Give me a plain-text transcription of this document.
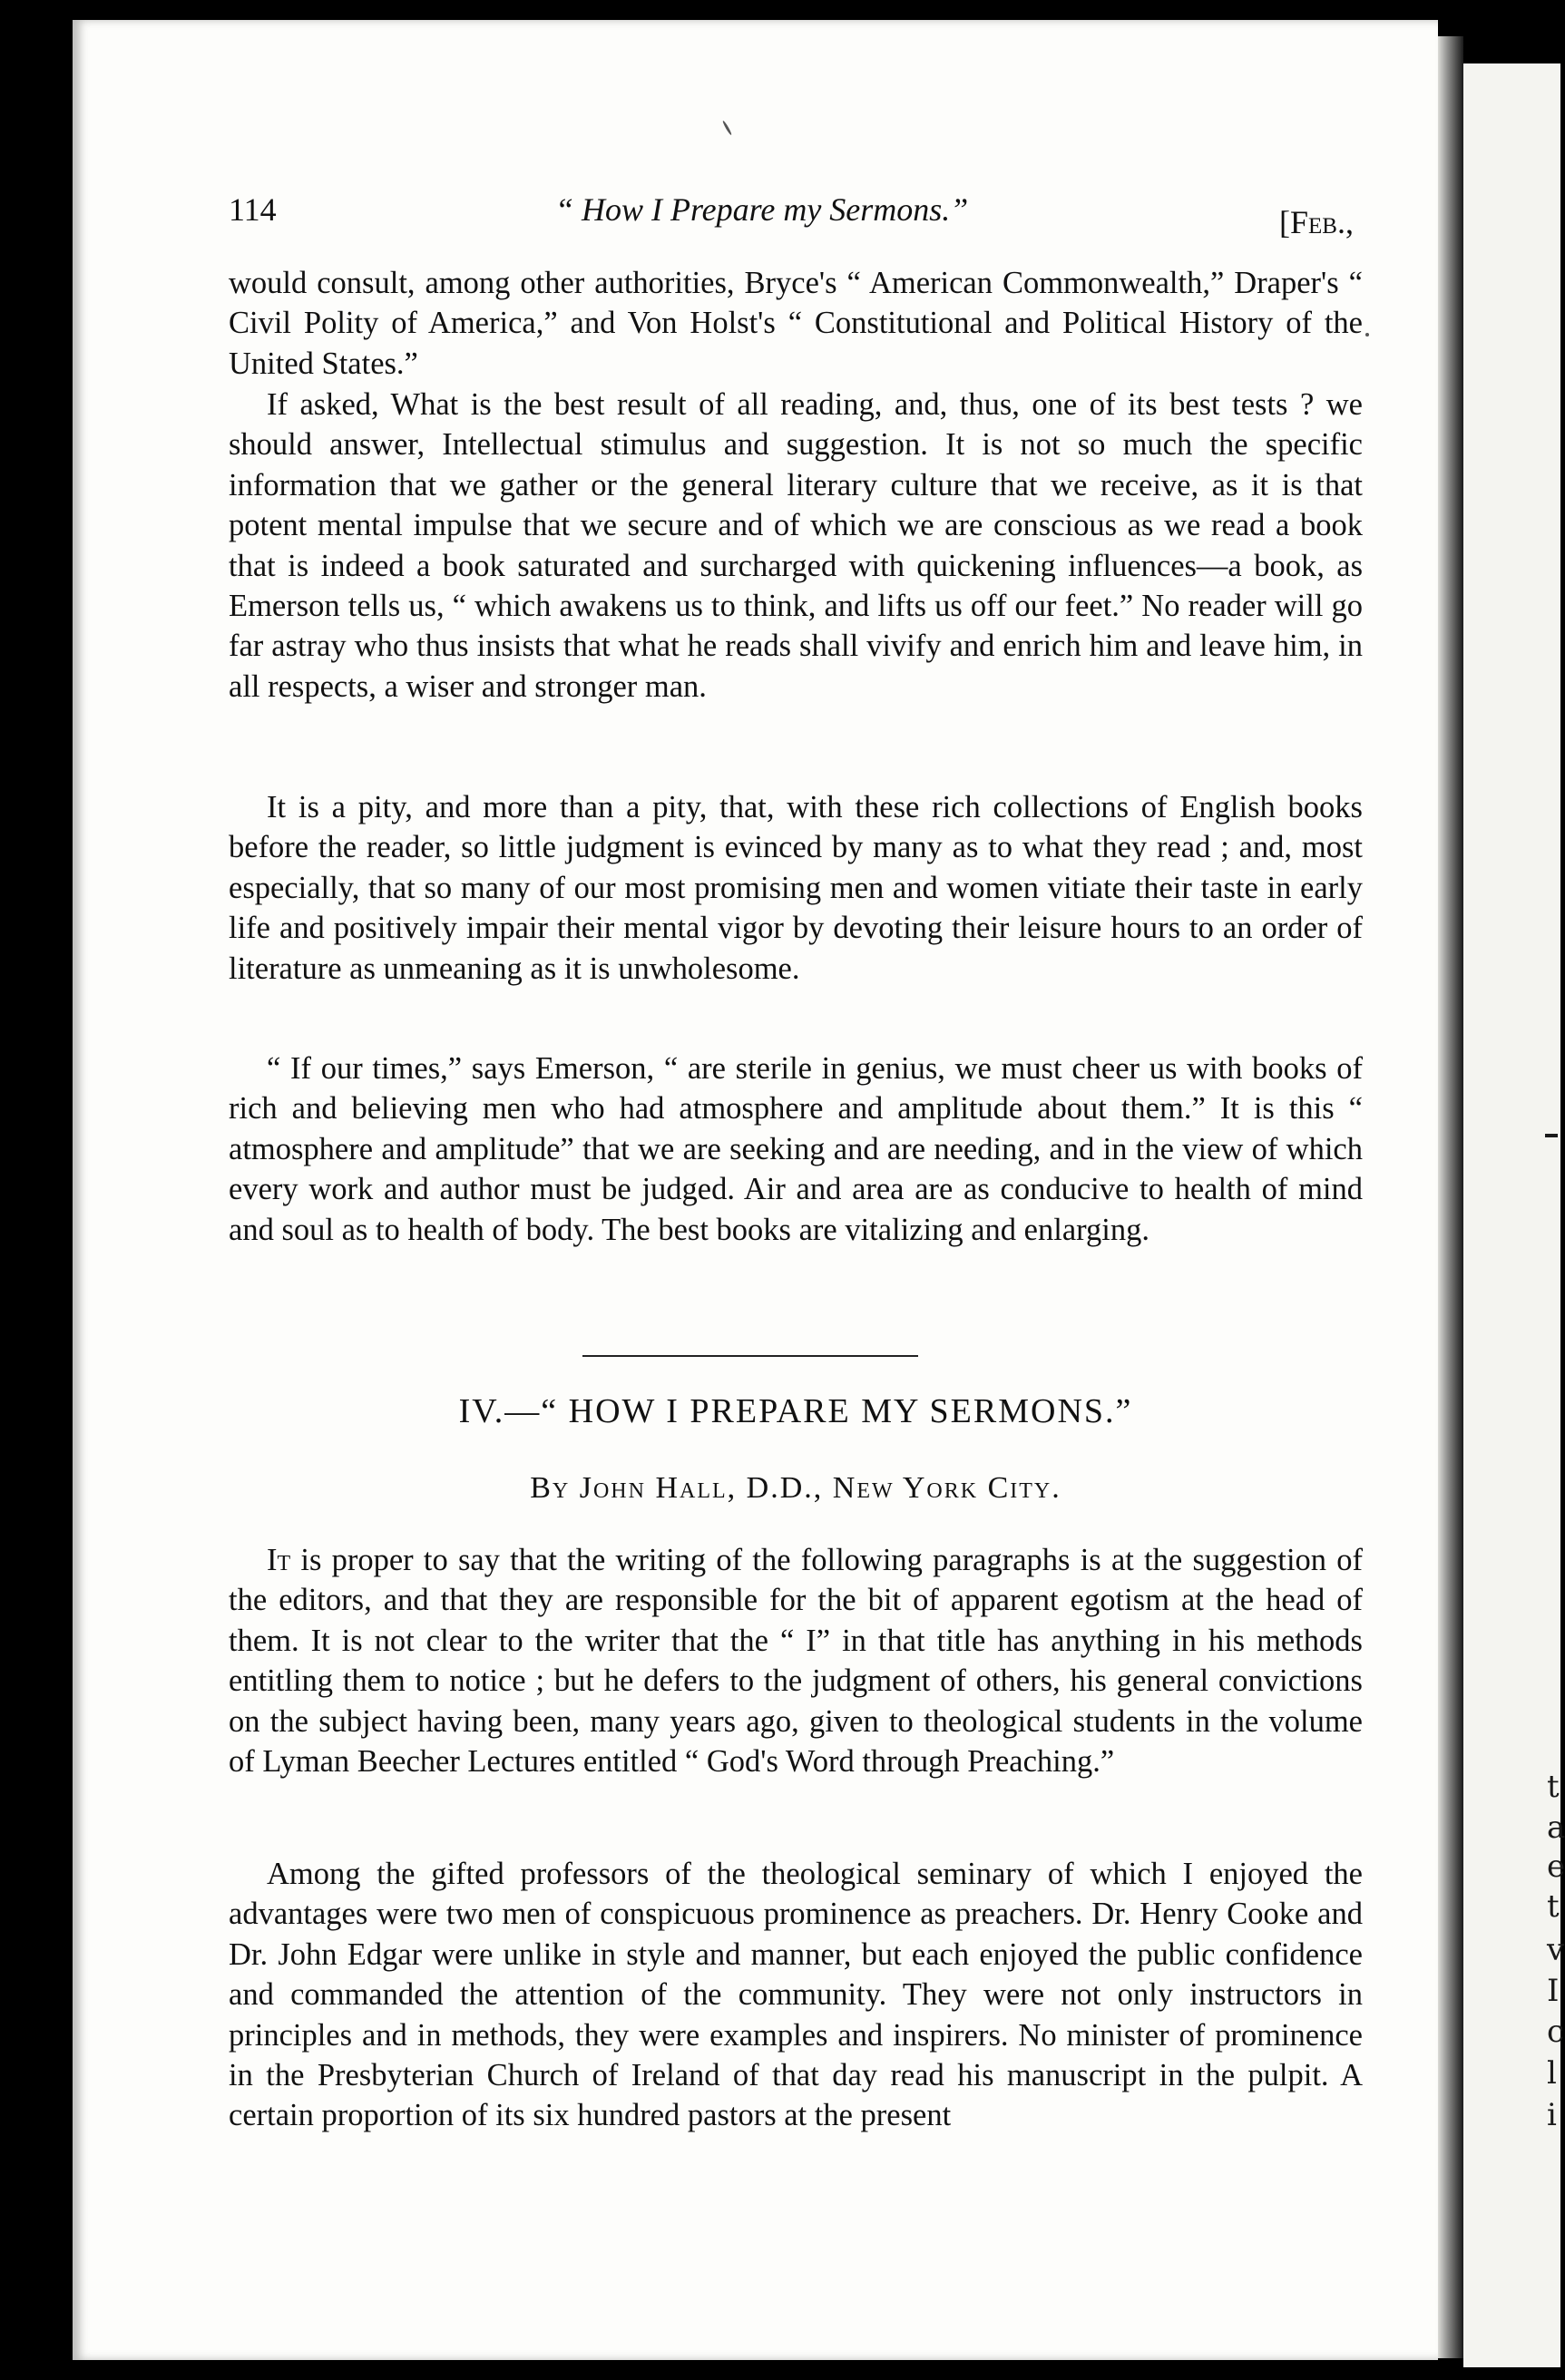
114	“ How I Prepare my Sermons.”	[Feb.,

would consult, among other authorities, Bryce's “ American Commonwealth,” Draper's “ Civil Polity of America,” and Von Holst's “ Constitutional and Political History of the United States.”

If asked, What is the best result of all reading, and, thus, one of its best tests ? we should answer, Intellectual stimulus and suggestion. It is not so much the specific information that we gather or the general literary culture that we receive, as it is that potent mental impulse that we secure and of which we are conscious as we read a book that is indeed a book saturated and surcharged with quickening influences—a book, as Emerson tells us, “ which awakens us to think, and lifts us off our feet.” No reader will go far astray who thus insists that what he reads shall vivify and enrich him and leave him, in all respects, a wiser and stronger man.

It is a pity, and more than a pity, that, with these rich collections of English books before the reader, so little judgment is evinced by many as to what they read ; and, most especially, that so many of our most promising men and women vitiate their taste in early life and positively impair their mental vigor by devoting their leisure hours to an order of literature as unmeaning as it is unwholesome.

“ If our times,” says Emerson, “ are sterile in genius, we must cheer us with books of rich and believing men who had atmosphere and amplitude about them.” It is this “ atmosphere and amplitude” that we are seeking and are needing, and in the view of which every work and author must be judged. Air and area are as conducive to health of mind and soul as to health of body. The best books are vitalizing and enlarging.

IV.—“ HOW I PREPARE MY SERMONS.”

By John Hall, D.D., New York City.

It is proper to say that the writing of the following paragraphs is at the suggestion of the editors, and that they are responsible for the bit of apparent egotism at the head of them. It is not clear to the writer that the “ I” in that title has anything in his methods entitling them to notice ; but he defers to the judgment of others, his general convictions on the subject having been, many years ago, given to theological students in the volume of Lyman Beecher Lectures entitled “ God's Word through Preaching.”

Among the gifted professors of the theological seminary of which I enjoyed the advantages were two men of conspicuous prominence as preachers. Dr. Henry Cooke and Dr. John Edgar were unlike in style and manner, but each enjoyed the public confidence and commanded the attention of the community. They were not only instructors in principles and in methods, they were examples and inspirers. No minister of prominence in the Presbyterian Church of Ireland of that day read his manuscript in the pulpit. A certain proportion of its six hundred pastors at the present

t
a
e
t
v
I
c
l
i
